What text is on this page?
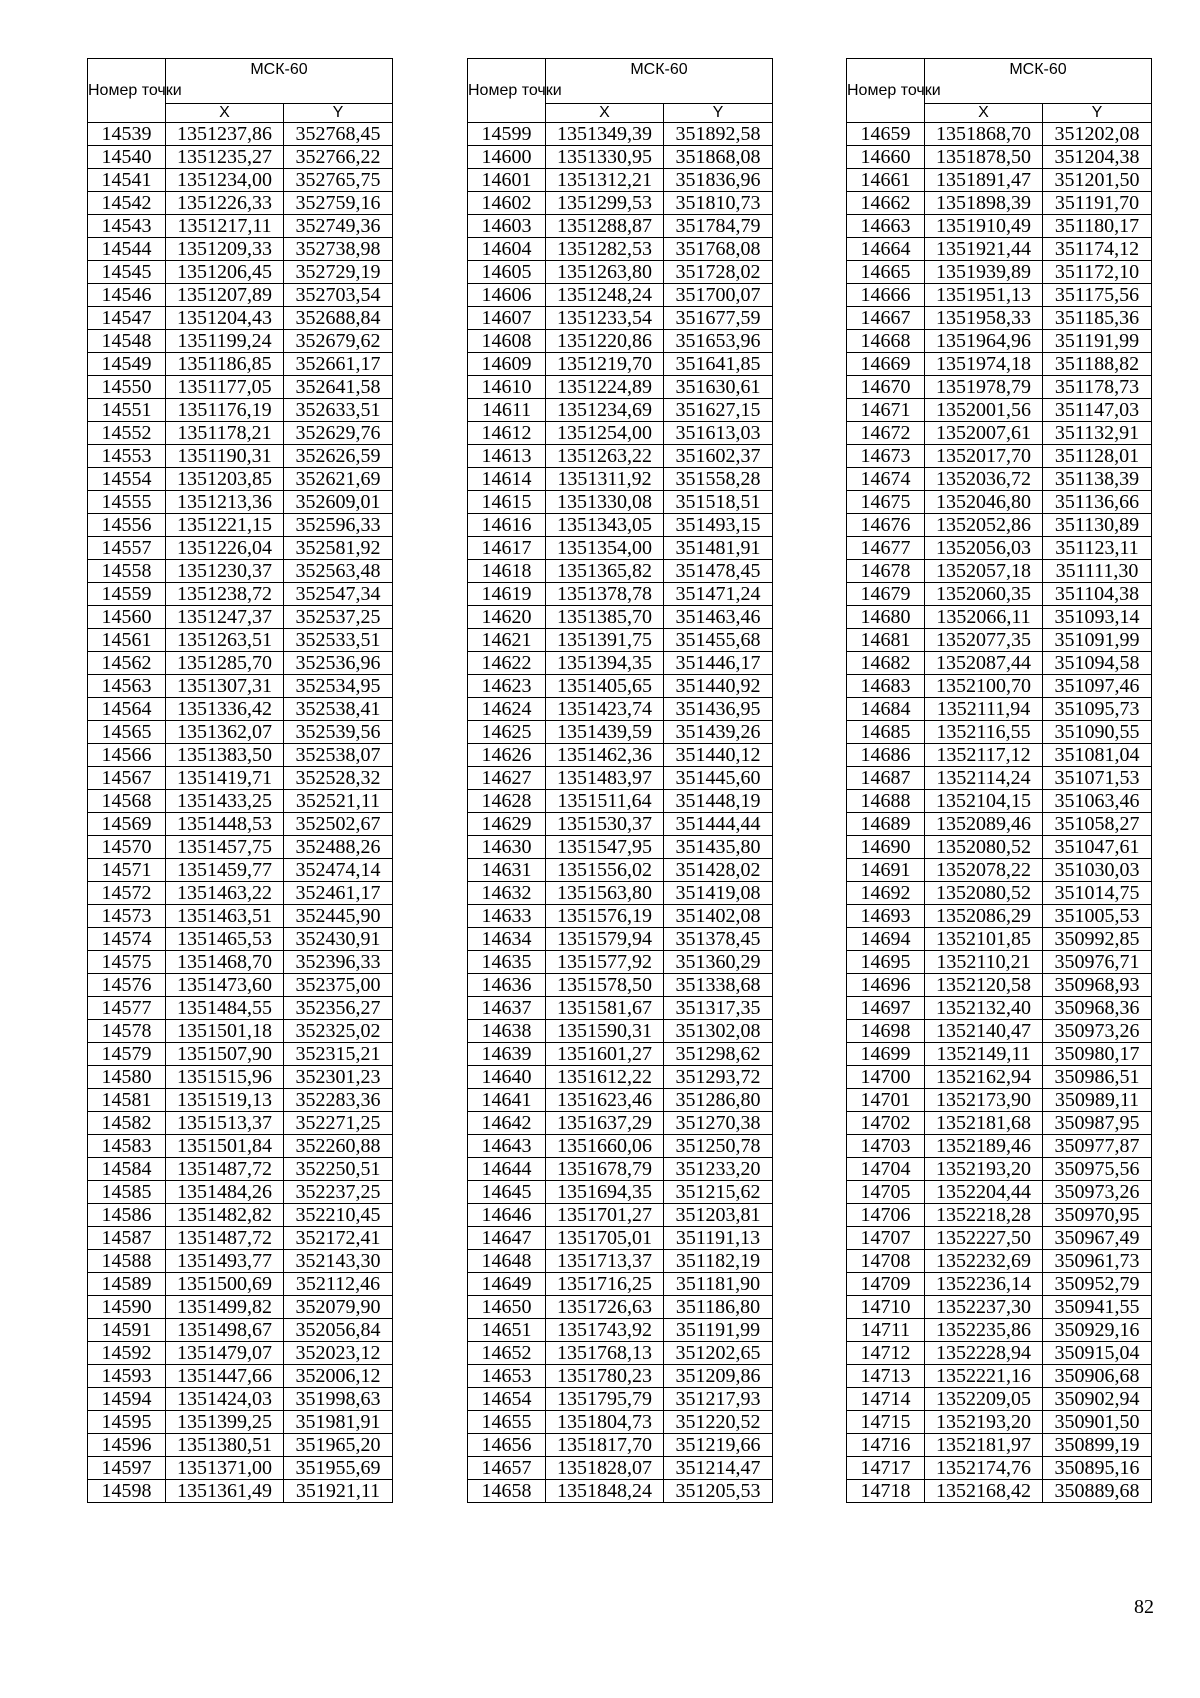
Номер точки	МСК-60	
	X	Y
14539	1351237,86	352768,45
14540	1351235,27	352766,22
14541	1351234,00	352765,75
14542	1351226,33	352759,16
14543	1351217,11	352749,36
14544	1351209,33	352738,98
14545	1351206,45	352729,19
14546	1351207,89	352703,54
14547	1351204,43	352688,84
14548	1351199,24	352679,62
14549	1351186,85	352661,17
14550	1351177,05	352641,58
14551	1351176,19	352633,51
14552	1351178,21	352629,76
14553	1351190,31	352626,59
14554	1351203,85	352621,69
14555	1351213,36	352609,01
14556	1351221,15	352596,33
14557	1351226,04	352581,92
14558	1351230,37	352563,48
14559	1351238,72	352547,34
14560	1351247,37	352537,25
14561	1351263,51	352533,51
14562	1351285,70	352536,96
14563	1351307,31	352534,95
14564	1351336,42	352538,41
14565	1351362,07	352539,56
14566	1351383,50	352538,07
14567	1351419,71	352528,32
14568	1351433,25	352521,11
14569	1351448,53	352502,67
14570	1351457,75	352488,26
14571	1351459,77	352474,14
14572	1351463,22	352461,17
14573	1351463,51	352445,90
14574	1351465,53	352430,91
14575	1351468,70	352396,33
14576	1351473,60	352375,00
14577	1351484,55	352356,27
14578	1351501,18	352325,02
14579	1351507,90	352315,21
14580	1351515,96	352301,23
14581	1351519,13	352283,36
14582	1351513,37	352271,25
14583	1351501,84	352260,88
14584	1351487,72	352250,51
14585	1351484,26	352237,25
14586	1351482,82	352210,45
14587	1351487,72	352172,41
14588	1351493,77	352143,30
14589	1351500,69	352112,46
14590	1351499,82	352079,90
14591	1351498,67	352056,84
14592	1351479,07	352023,12
14593	1351447,66	352006,12
14594	1351424,03	351998,63
14595	1351399,25	351981,91
14596	1351380,51	351965,20
14597	1351371,00	351955,69
14598	1351361,49	351921,11
Номер точки	МСК-60	
	X	Y
14599	1351349,39	351892,58
14600	1351330,95	351868,08
14601	1351312,21	351836,96
14602	1351299,53	351810,73
14603	1351288,87	351784,79
14604	1351282,53	351768,08
14605	1351263,80	351728,02
14606	1351248,24	351700,07
14607	1351233,54	351677,59
14608	1351220,86	351653,96
14609	1351219,70	351641,85
14610	1351224,89	351630,61
14611	1351234,69	351627,15
14612	1351254,00	351613,03
14613	1351263,22	351602,37
14614	1351311,92	351558,28
14615	1351330,08	351518,51
14616	1351343,05	351493,15
14617	1351354,00	351481,91
14618	1351365,82	351478,45
14619	1351378,78	351471,24
14620	1351385,70	351463,46
14621	1351391,75	351455,68
14622	1351394,35	351446,17
14623	1351405,65	351440,92
14624	1351423,74	351436,95
14625	1351439,59	351439,26
14626	1351462,36	351440,12
14627	1351483,97	351445,60
14628	1351511,64	351448,19
14629	1351530,37	351444,44
14630	1351547,95	351435,80
14631	1351556,02	351428,02
14632	1351563,80	351419,08
14633	1351576,19	351402,08
14634	1351579,94	351378,45
14635	1351577,92	351360,29
14636	1351578,50	351338,68
14637	1351581,67	351317,35
14638	1351590,31	351302,08
14639	1351601,27	351298,62
14640	1351612,22	351293,72
14641	1351623,46	351286,80
14642	1351637,29	351270,38
14643	1351660,06	351250,78
14644	1351678,79	351233,20
14645	1351694,35	351215,62
14646	1351701,27	351203,81
14647	1351705,01	351191,13
14648	1351713,37	351182,19
14649	1351716,25	351181,90
14650	1351726,63	351186,80
14651	1351743,92	351191,99
14652	1351768,13	351202,65
14653	1351780,23	351209,86
14654	1351795,79	351217,93
14655	1351804,73	351220,52
14656	1351817,70	351219,66
14657	1351828,07	351214,47
14658	1351848,24	351205,53
Номер точки	МСК-60	
	X	Y
14659	1351868,70	351202,08
14660	1351878,50	351204,38
14661	1351891,47	351201,50
14662	1351898,39	351191,70
14663	1351910,49	351180,17
14664	1351921,44	351174,12
14665	1351939,89	351172,10
14666	1351951,13	351175,56
14667	1351958,33	351185,36
14668	1351964,96	351191,99
14669	1351974,18	351188,82
14670	1351978,79	351178,73
14671	1352001,56	351147,03
14672	1352007,61	351132,91
14673	1352017,70	351128,01
14674	1352036,72	351138,39
14675	1352046,80	351136,66
14676	1352052,86	351130,89
14677	1352056,03	351123,11
14678	1352057,18	351111,30
14679	1352060,35	351104,38
14680	1352066,11	351093,14
14681	1352077,35	351091,99
14682	1352087,44	351094,58
14683	1352100,70	351097,46
14684	1352111,94	351095,73
14685	1352116,55	351090,55
14686	1352117,12	351081,04
14687	1352114,24	351071,53
14688	1352104,15	351063,46
14689	1352089,46	351058,27
14690	1352080,52	351047,61
14691	1352078,22	351030,03
14692	1352080,52	351014,75
14693	1352086,29	351005,53
14694	1352101,85	350992,85
14695	1352110,21	350976,71
14696	1352120,58	350968,93
14697	1352132,40	350968,36
14698	1352140,47	350973,26
14699	1352149,11	350980,17
14700	1352162,94	350986,51
14701	1352173,90	350989,11
14702	1352181,68	350987,95
14703	1352189,46	350977,87
14704	1352193,20	350975,56
14705	1352204,44	350973,26
14706	1352218,28	350970,95
14707	1352227,50	350967,49
14708	1352232,69	350961,73
14709	1352236,14	350952,79
14710	1352237,30	350941,55
14711	1352235,86	350929,16
14712	1352228,94	350915,04
14713	1352221,16	350906,68
14714	1352209,05	350902,94
14715	1352193,20	350901,50
14716	1352181,97	350899,19
14717	1352174,76	350895,16
14718	1352168,42	350889,68
82
